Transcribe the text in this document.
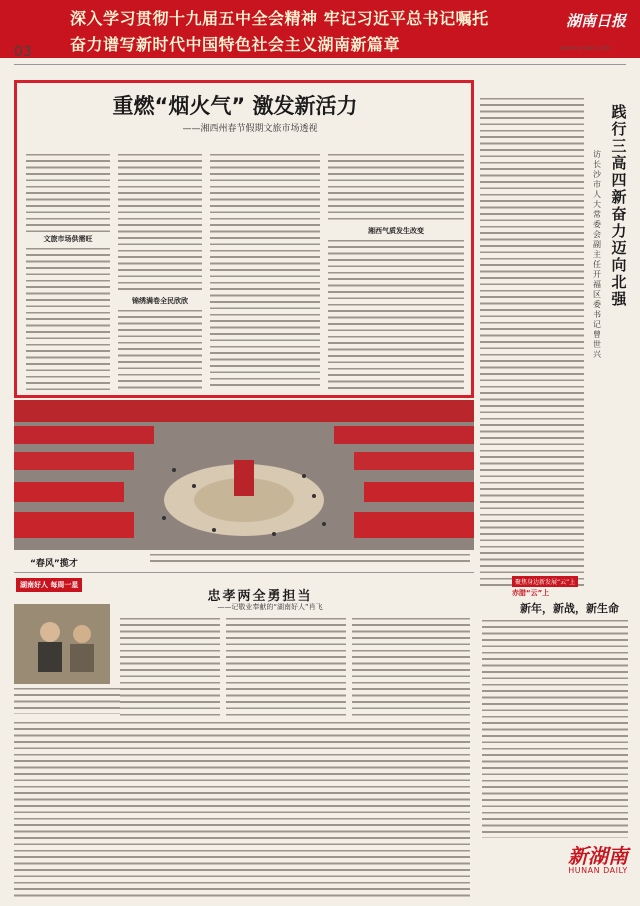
深入学习贯彻十九届五中全会精神 牢记习近平总书记嘱托
奋力谱写新时代中国特色社会主义湖南新篇章
湖南日报
03	2021年2月16日 星期二
践行三高四新 奋力迈向北强
访长沙市人大常委会副主任 开福区委书记曾世兴
重燃“烟火气” 激发新活力
——湘西州春节假期文旅市场透视
文旅市场供需旺
锦绣满卷全民欣欣
湘西气质发生改变
“春风”揽才
湖南好人 每周一星
忠孝两全勇担当
——记敬业奉献的“湖南好人”肖飞
聚焦身边新发展“云”上
赤腊“云”上
新年，新战，新生命
新湖南
HUNAN DAILY
